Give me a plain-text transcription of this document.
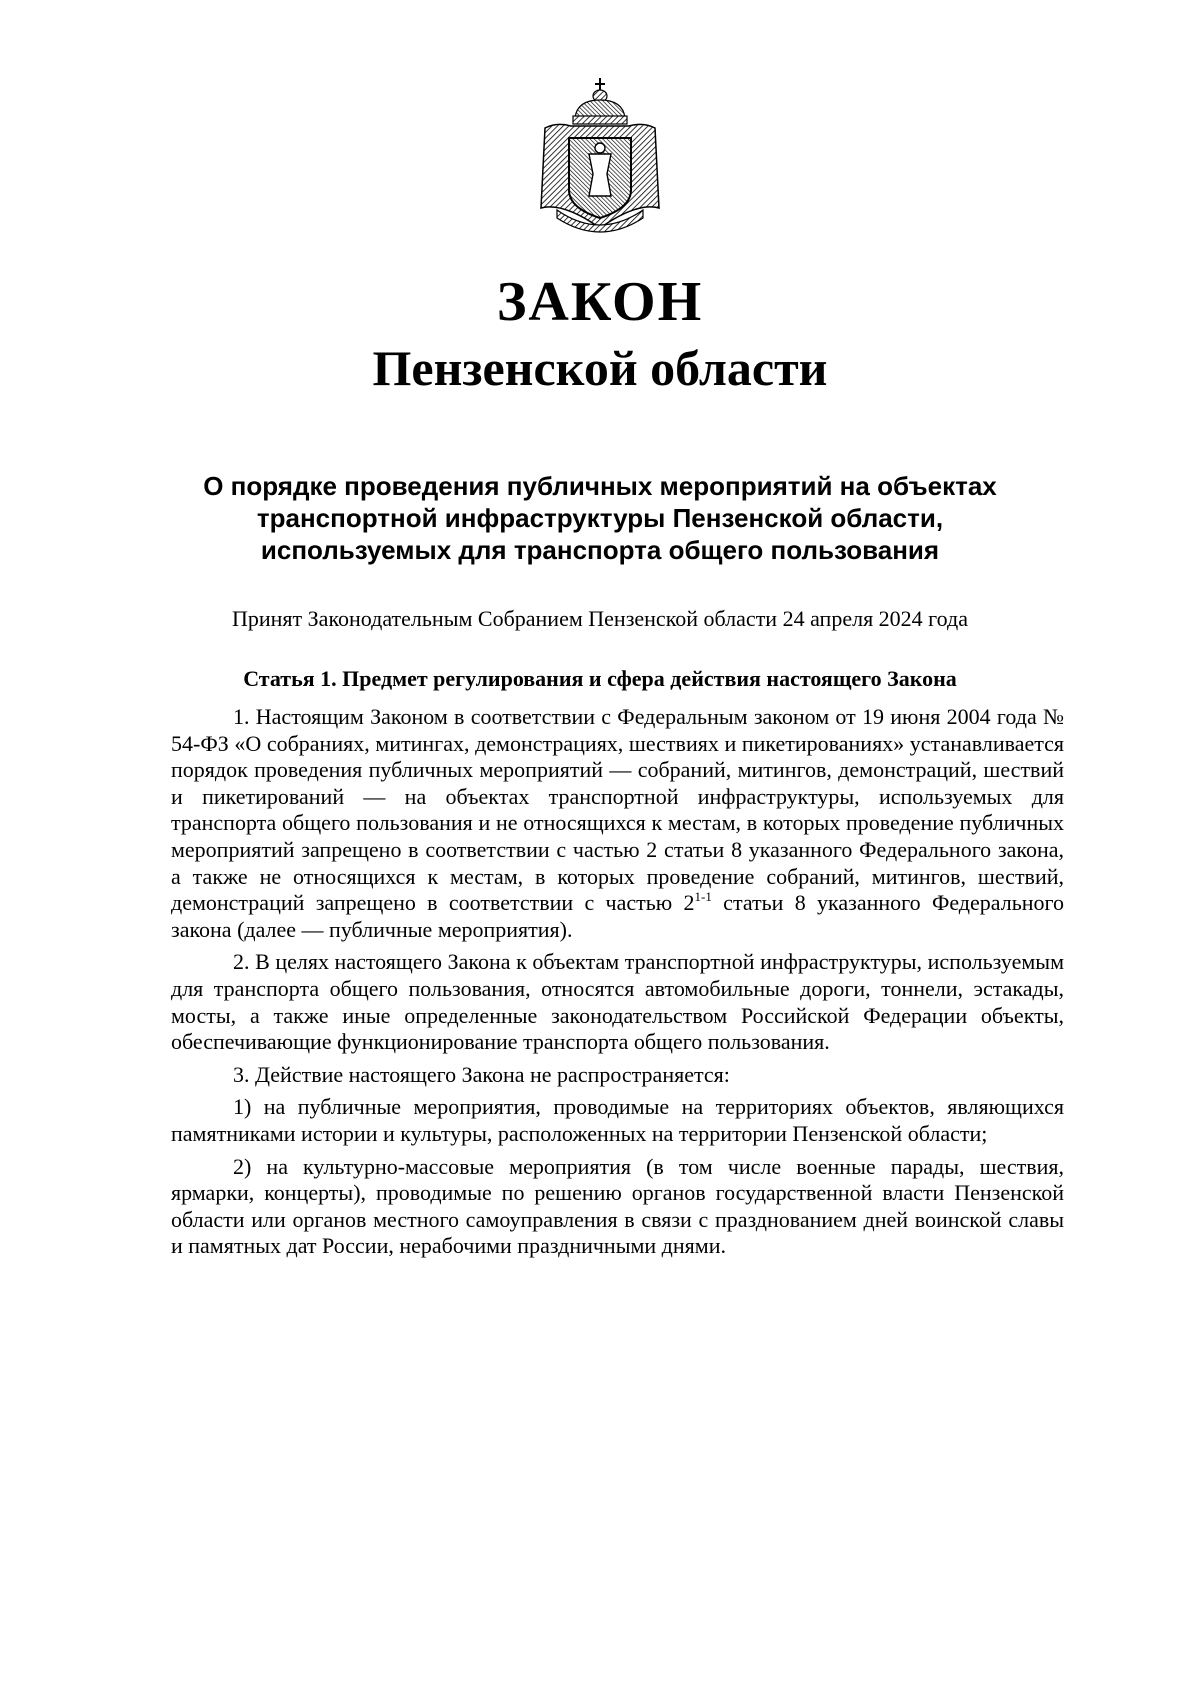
ЗАКОН
Пензенской области
О порядке проведения публичных мероприятий на объектах
транспортной инфраструктуры Пензенской области,
используемых для транспорта общего пользования
Принят Законодательным Собранием Пензенской области 24 апреля 2024 года
Статья 1. Предмет регулирования и сфера действия настоящего Закона

1. Настоящим Законом в соответствии с Федеральным законом от 19 июня 2004 года № 54-ФЗ «О собраниях, митингах, демонстрациях, шествиях и пикетированиях» устанавливается порядок проведения публичных мероприятий — собраний, митингов, демонстраций, шествий и пикетирований — на объектах транспортной инфраструктуры, используемых для транспорта общего пользования и не относящихся к местам, в которых проведение публичных мероприятий запрещено в соответствии с частью 2 статьи 8 указанного Федерального закона, а также не относящихся к местам, в которых проведение собраний, митингов, шествий, демонстраций запрещено в соответствии с частью 2$^{1-1}$ статьи 8 указанного Федерального закона (далее — публичные мероприятия).

2. В целях настоящего Закона к объектам транспортной инфраструктуры, используемым для транспорта общего пользования, относятся автомобильные дороги, тоннели, эстакады, мосты, а также иные определенные законодательством Российской Федерации объекты, обеспечивающие функционирование транспорта общего пользования.

3. Действие настоящего Закона не распространяется:

1) на публичные мероприятия, проводимые на территориях объектов, являющихся памятниками истории и культуры, расположенных на территории Пензенской области;

2) на культурно-массовые мероприятия (в том числе военные парады, шествия, ярмарки, концерты), проводимые по решению органов государственной власти Пензенской области или органов местного самоуправления в связи с празднованием дней воинской славы и памятных дат России, нерабочими праздничными днями.
